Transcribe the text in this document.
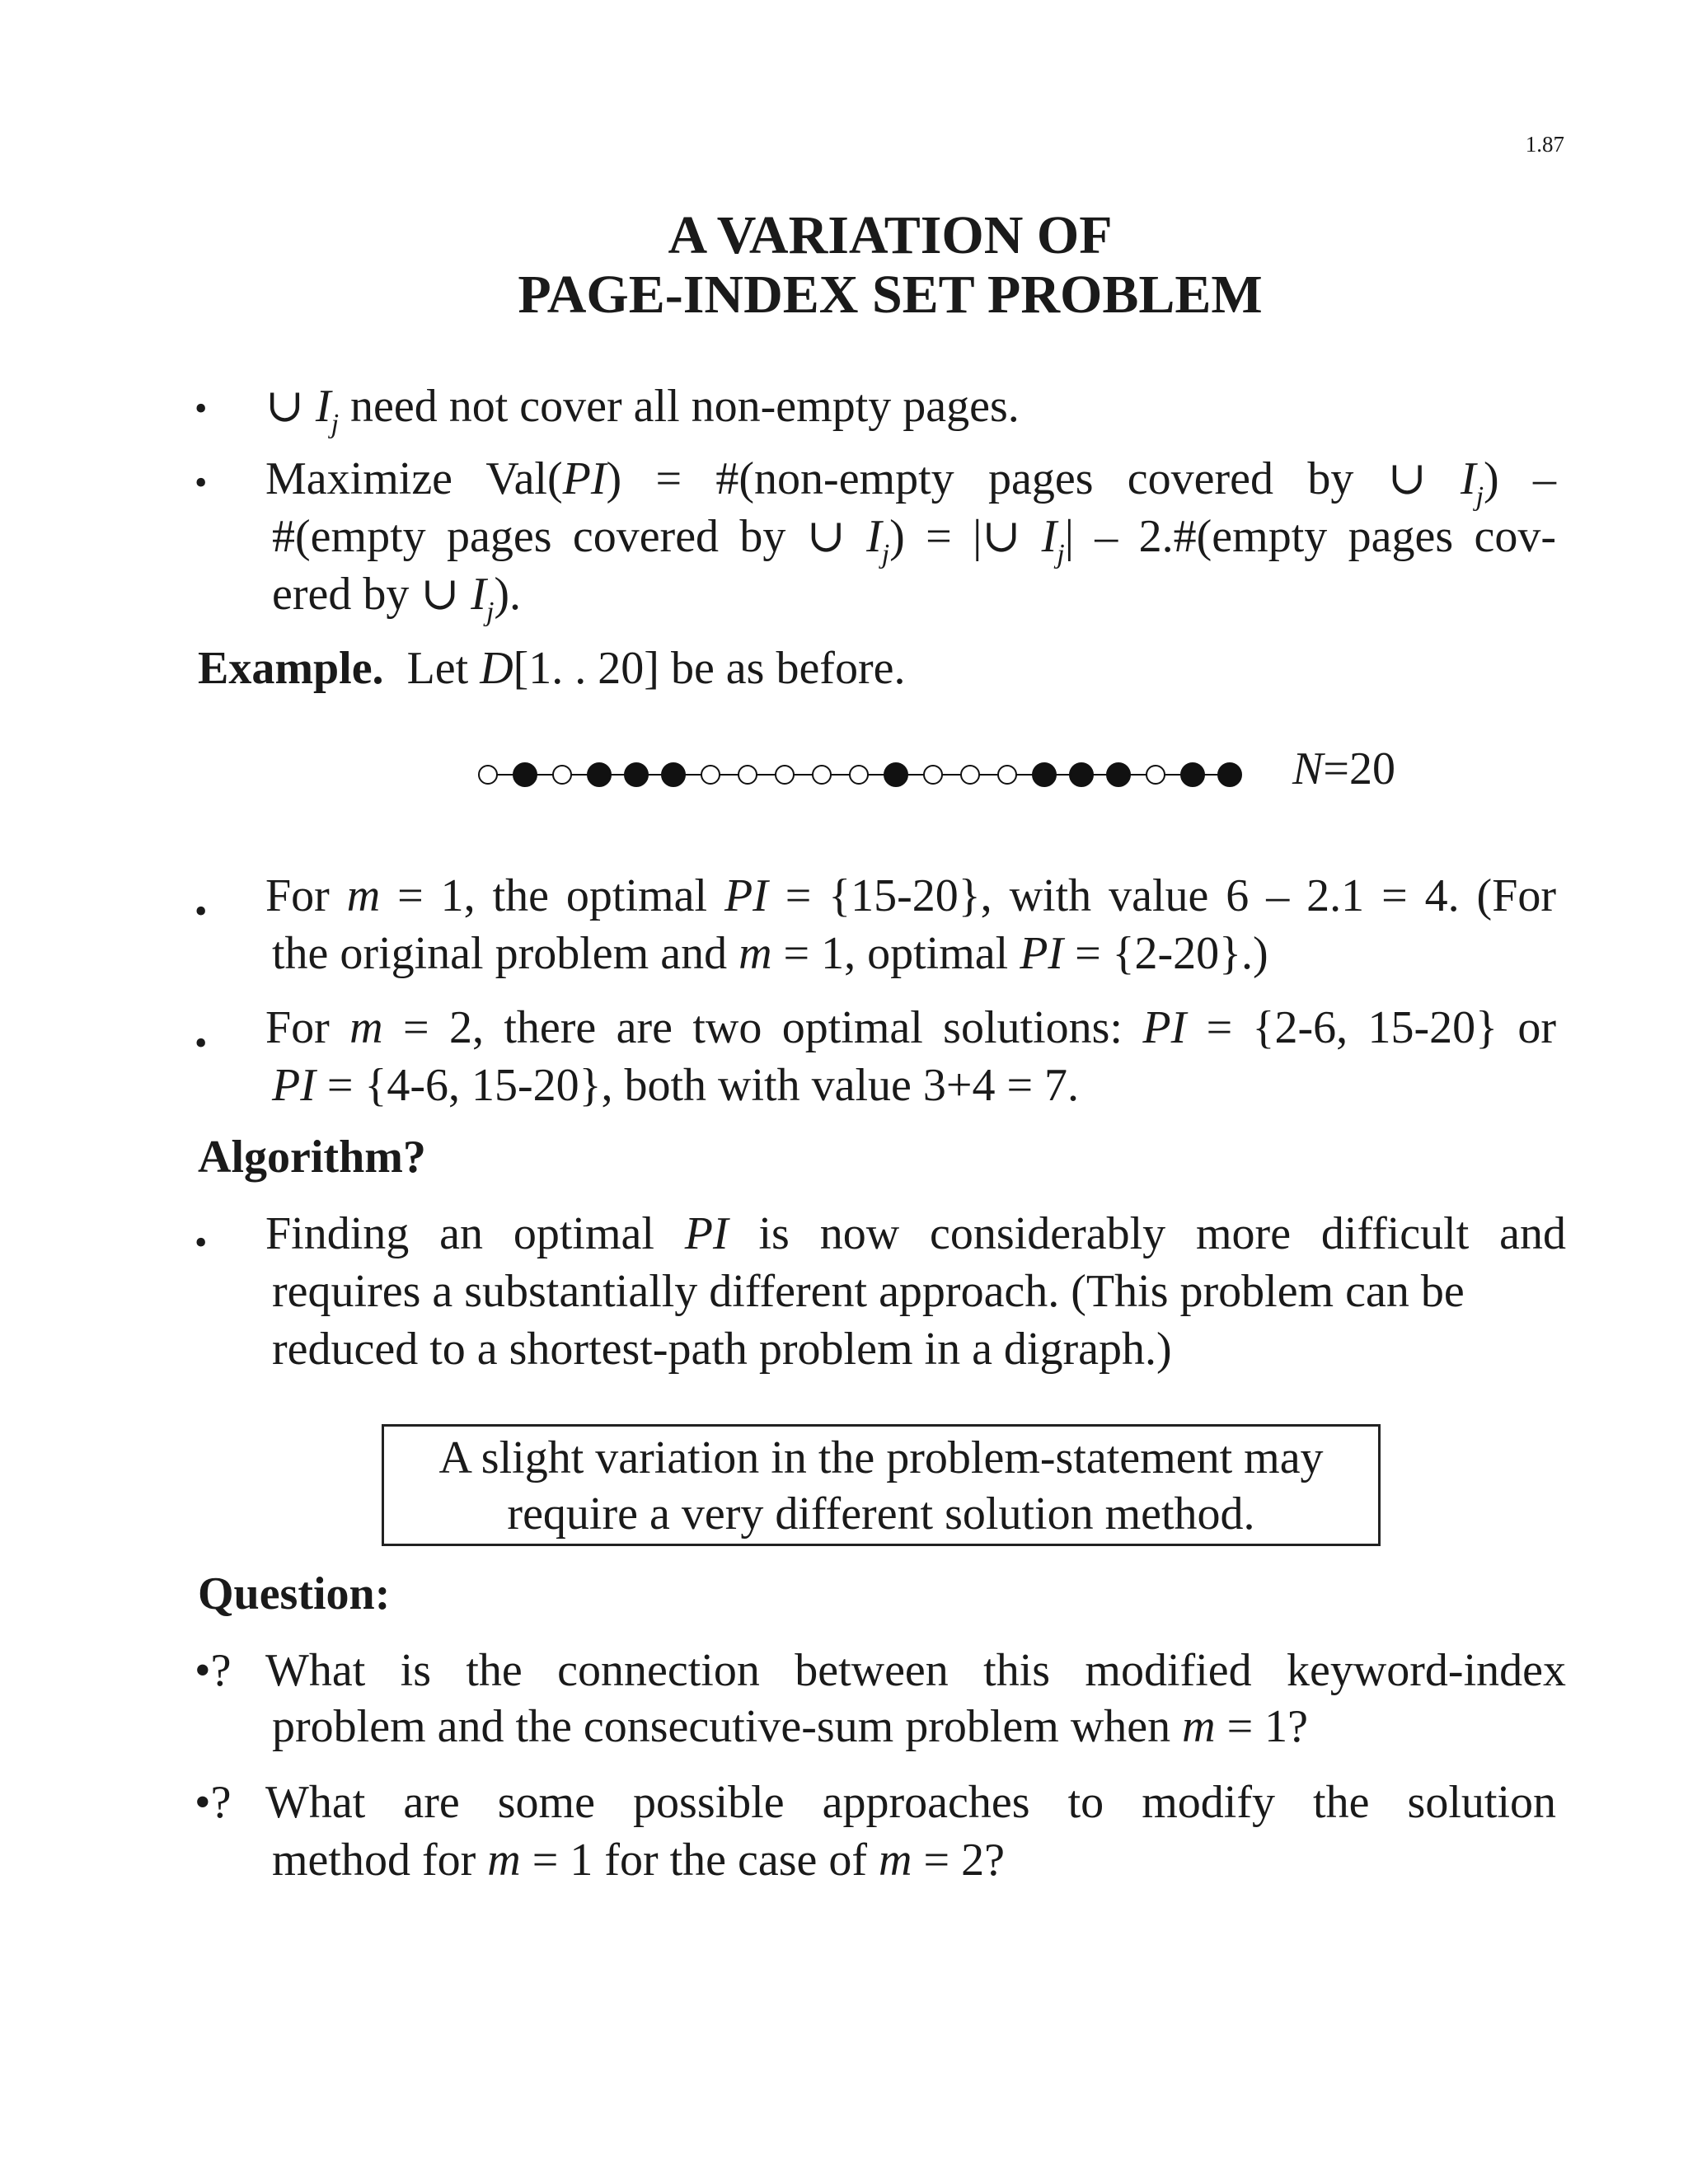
1.87
A VARIATION OF
PAGE-INDEX SET PROBLEM
• ∪ $I_j$ need not cover all non-empty pages.
• Maximize Val(PI) = #(non-empty pages covered by ∪ $I_j$) –
#(empty pages covered by ∪ $I_j$) = |∪ $I_j|$ – 2.#(empty pages cov-
ered by ∪ $I_j$).
Example. Let D[1. . 20] be as before.
N=20
• For m = 1, the optimal PI = {15-20}, with value 6 – 2.1 = 4. (For
the original problem and m = 1, optimal PI = {2-20}.)
• For m = 2, there are two optimal solutions: PI = {2-6, 15-20} or
PI = {4-6, 15-20}, both with value 3+4 = 7.
Algorithm?
• Finding an optimal PI is now considerably more difficult and
requires a substantially different approach. (This problem can be
reduced to a shortest-path problem in a digraph.)
A slight variation in the problem-statement may
require a very different solution method.
Question:
•? What is the connection between this modified keyword-index
problem and the consecutive-sum problem when m = 1?
•? What are some possible approaches to modify the solution
method for m = 1 for the case of m = 2?
